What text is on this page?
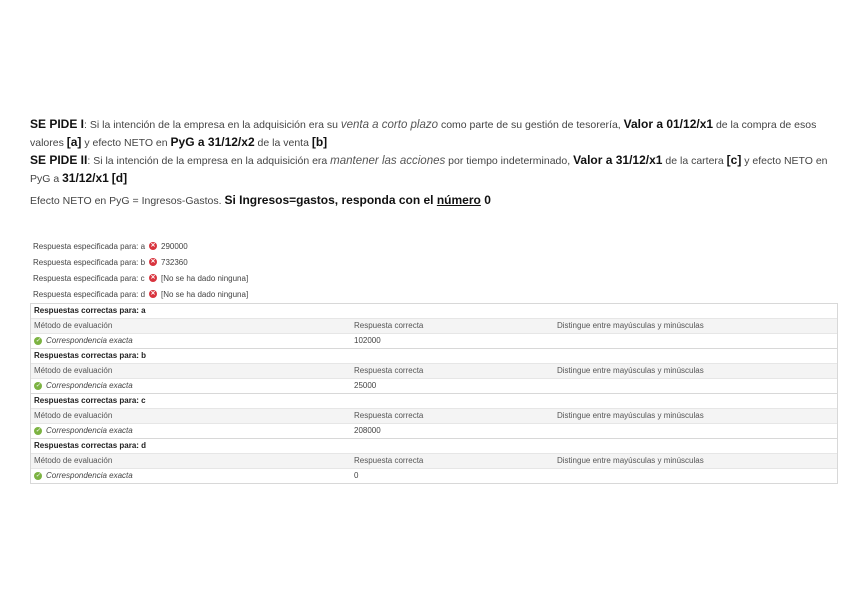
SE PIDE I: Si la intención de la empresa en la adquisición era su venta a corto plazo como parte de su gestión de tesorería, Valor a 01/12/x1 de la compra de esos valores [a] y efecto NETO en PyG a 31/12/x2 de la venta [b]
SE PIDE II: Si la intención de la empresa en la adquisición era mantener las acciones por tiempo indeterminado, Valor a 31/12/x1 de la cartera [c] y efecto NETO en PyG a 31/12/x1 [d]
Efecto NETO en PyG = Ingresos-Gastos. Si Ingresos=gastos, responda con el número 0
Respuesta especificada para: a ✕ 290000
Respuesta especificada para: b ✕ 732360
Respuesta especificada para: c ✕ [No se ha dado ninguna]
Respuesta especificada para: d ✕ [No se ha dado ninguna]
Respuestas correctas para: a
Método de evaluación	Respuesta correcta	Distingue entre mayúsculas y minúsculas
✓ Correspondencia exacta	102000
Respuestas correctas para: b
Método de evaluación	Respuesta correcta	Distingue entre mayúsculas y minúsculas
✓ Correspondencia exacta	25000
Respuestas correctas para: c
Método de evaluación	Respuesta correcta	Distingue entre mayúsculas y minúsculas
✓ Correspondencia exacta	208000
Respuestas correctas para: d
Método de evaluación	Respuesta correcta	Distingue entre mayúsculas y minúsculas
✓ Correspondencia exacta	0
